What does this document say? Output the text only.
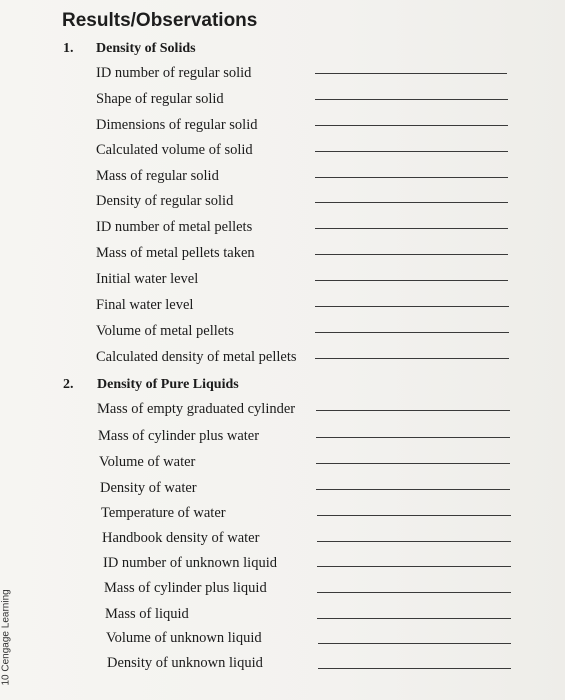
Results/Observations
1. Density of Solids
ID number of regular solid
Shape of regular solid
Dimensions of regular solid
Calculated volume of solid
Mass of regular solid
Density of regular solid
ID number of metal pellets
Mass of metal pellets taken
Initial water level
Final water level
Volume of metal pellets
Calculated density of metal pellets
2. Density of Pure Liquids
Mass of empty graduated cylinder
Mass of cylinder plus water
Volume of water
Density of water
Temperature of water
Handbook density of water
ID number of unknown liquid
Mass of cylinder plus liquid
Mass of liquid
Volume of unknown liquid
Density of unknown liquid
10 Cengage Learning
